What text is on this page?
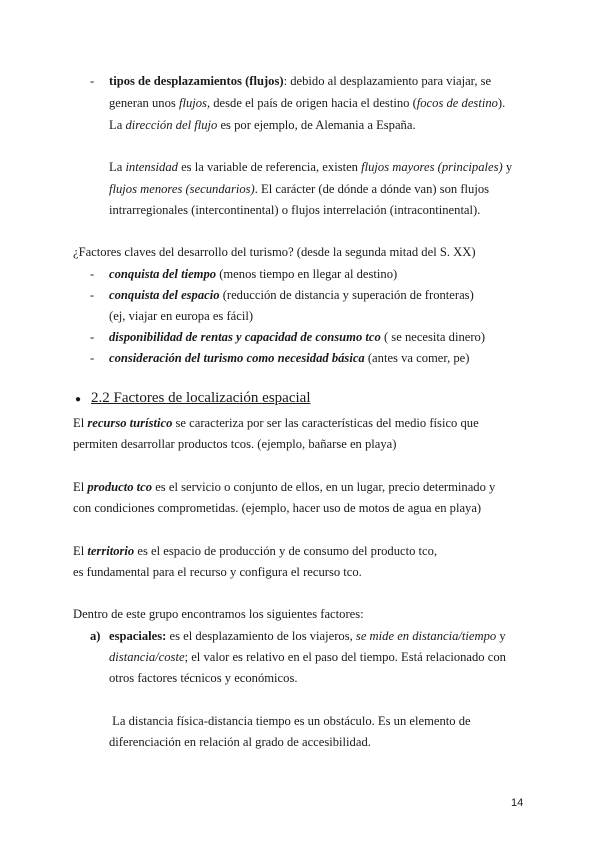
- tipos de desplazamientos (flujos): debido al desplazamiento para viajar, se
generan unos flujos, desde el país de origen hacia el destino (focos de destino).
La dirección del flujo es por ejemplo, de Alemania a España.
La intensidad es la variable de referencia, existen flujos mayores (principales) y
flujos menores (secundarios). El carácter (de dónde a dónde van) son flujos
intrarregionales (intercontinental) o flujos interrelación (intracontinental).
¿Factores claves del desarrollo del turismo? (desde la segunda mitad del S. XX)
- conquista del tiempo (menos tiempo en llegar al destino)
- conquista del espacio (reducción de distancia y superación de fronteras)
(ej, viajar en europa es fácil)
- disponibilidad de rentas y capacidad de consumo tco ( se necesita dinero)
- consideración del turismo como necesidad básica (antes va comer, pe)
● 2.2 Factores de localización espacial
El recurso turístico se caracteriza por ser las características del medio físico que
permiten desarrollar productos tcos. (ejemplo, bañarse en playa)
El producto tco es el servicio o conjunto de ellos, en un lugar, precio determinado y
con condiciones comprometidas. (ejemplo, hacer uso de motos de agua en playa)
El territorio es el espacio de producción y de consumo del producto tco,
es fundamental para el recurso y configura el recurso tco.
Dentro de este grupo encontramos los siguientes factores:
a) espaciales: es el desplazamiento de los viajeros, se mide en distancia/tiempo y
distancia/coste; el valor es relativo en el paso del tiempo. Está relacionado con
otros factores técnicos y económicos.
La distancia física-distancia tiempo es un obstáculo. Es un elemento de
diferenciación en relación al grado de accesibilidad.
14
